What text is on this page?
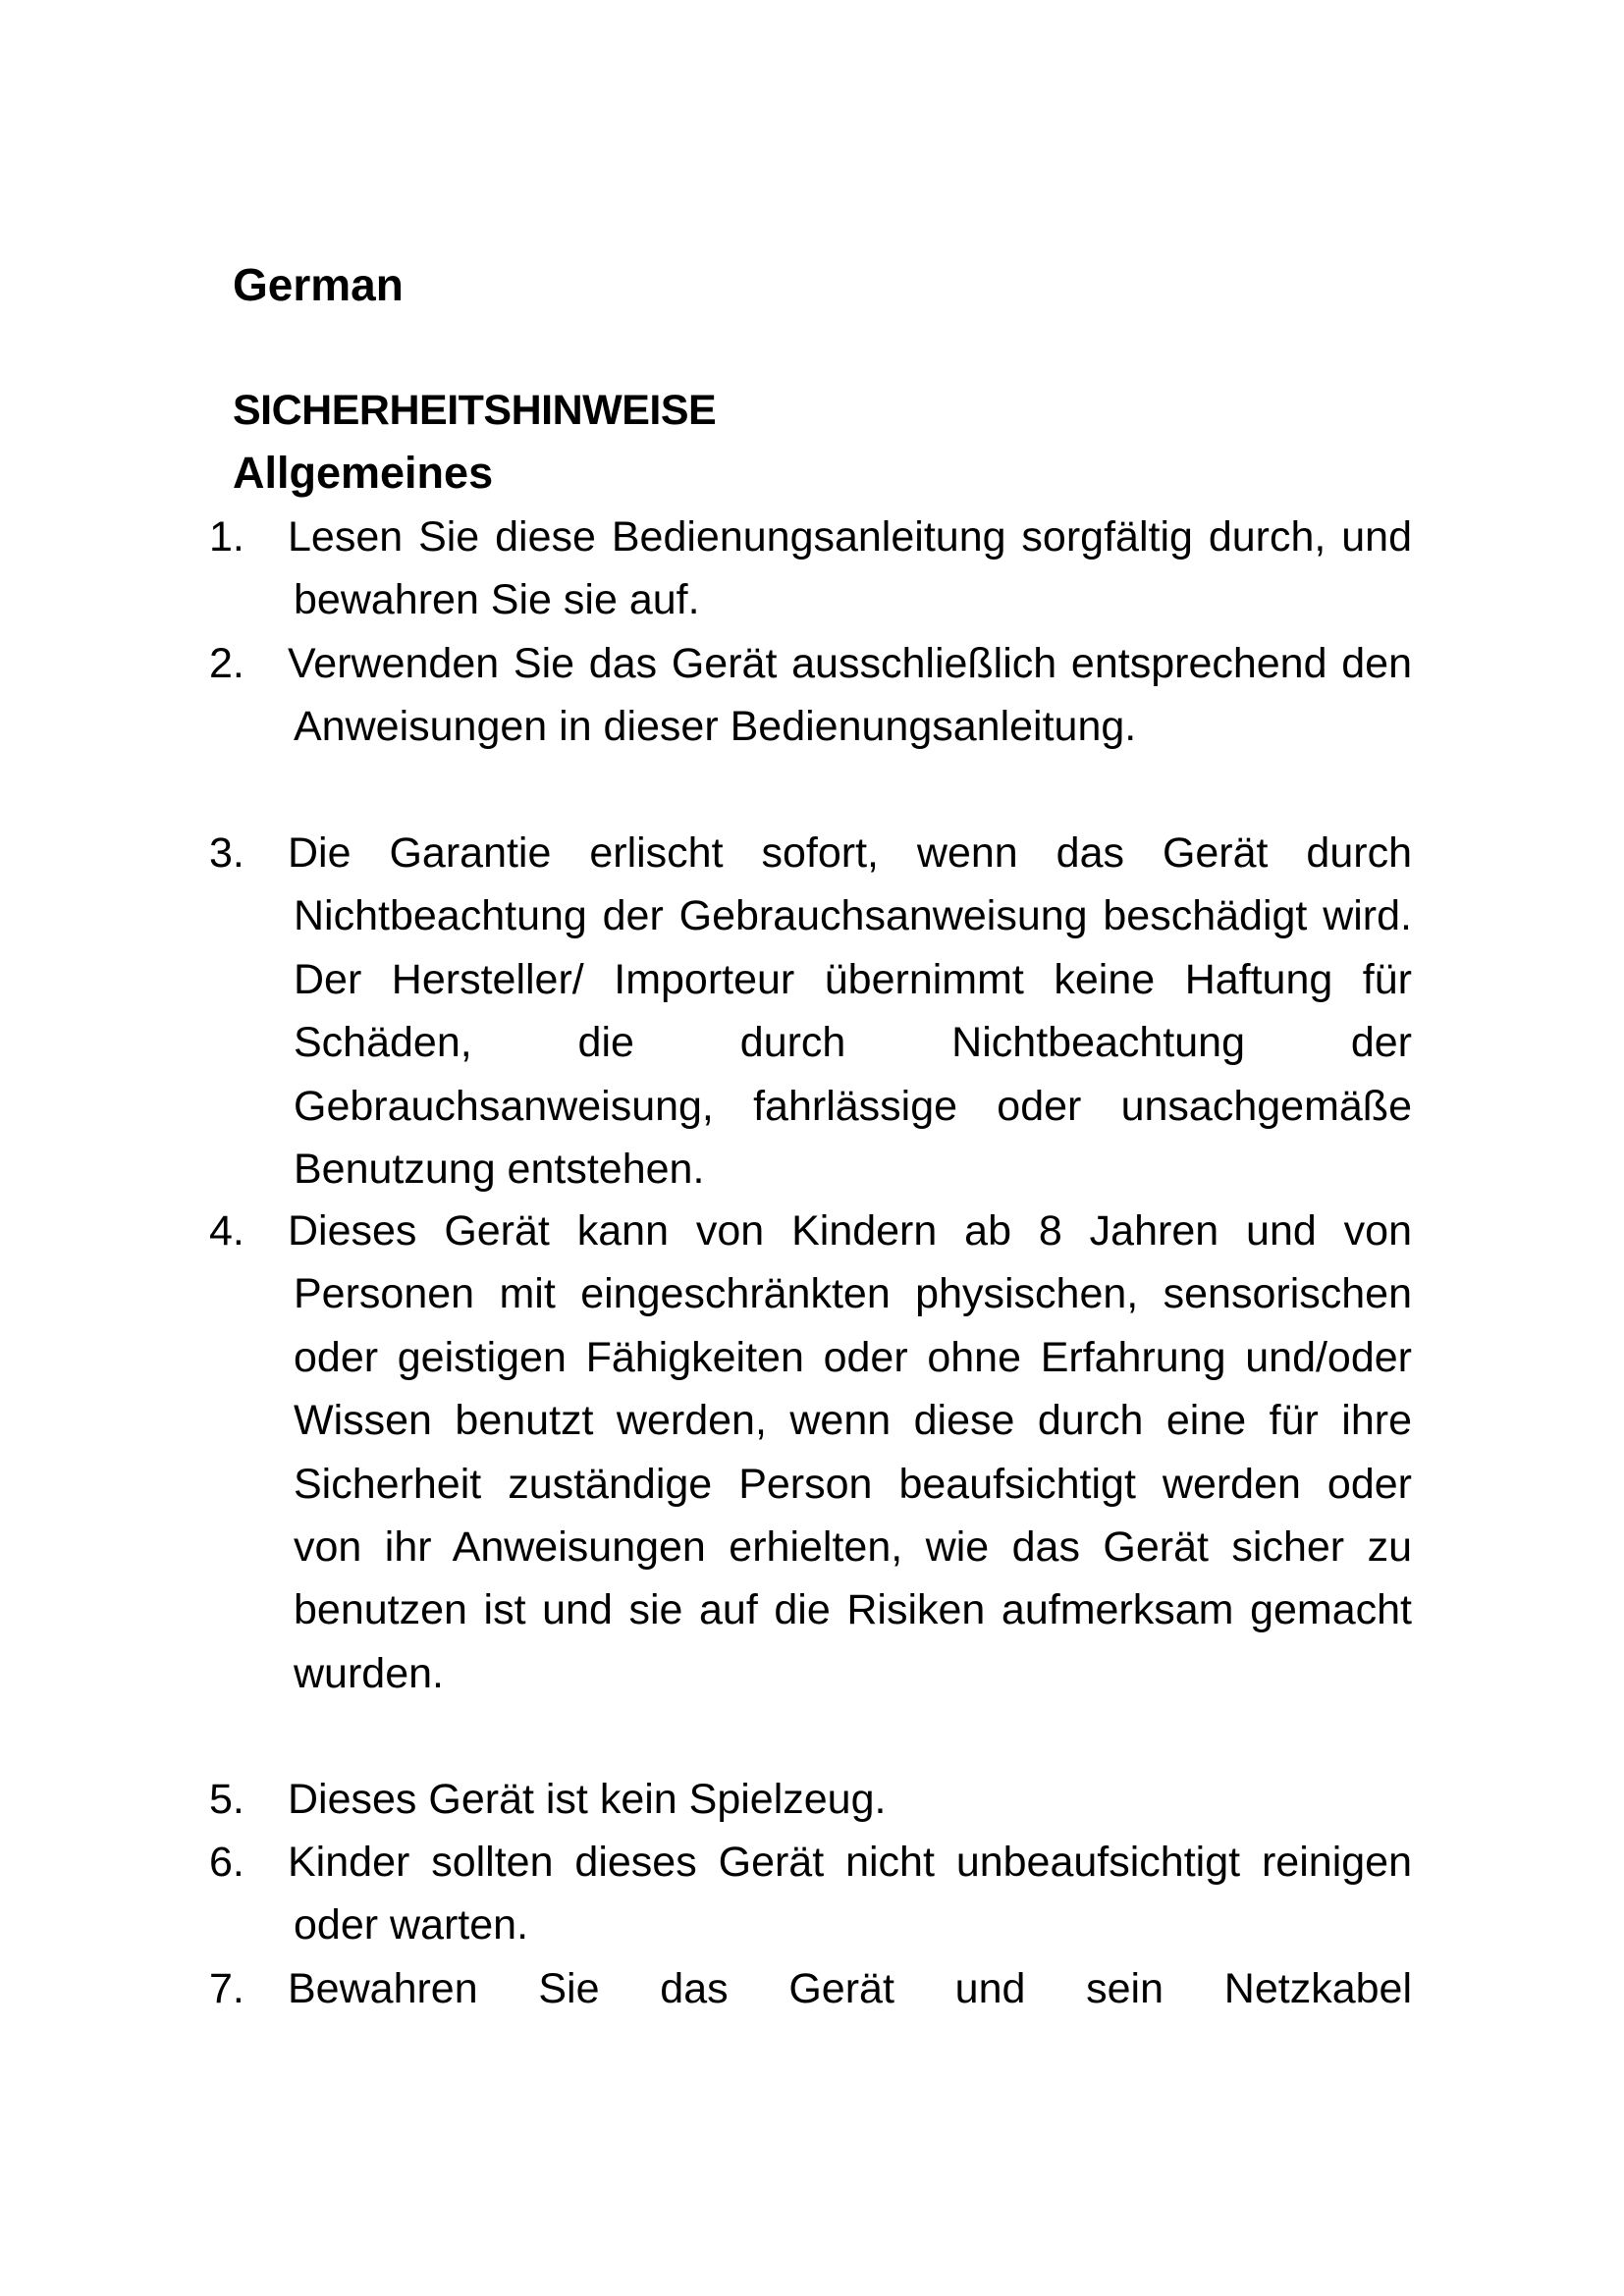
German

SICHERHEITSHINWEISE

Allgemeines

1.	Lesen Sie diese Bedienungsanleitung sorgfältig durch, und bewahren Sie sie auf.
2.	Verwenden Sie das Gerät ausschließlich entsprechend den Anweisungen in dieser Bedienungsanleitung.
3.	Die Garantie erlischt sofort, wenn das Gerät durch Nichtbeachtung der Gebrauchsanweisung beschädigt wird. Der Hersteller/ Importeur übernimmt keine Haftung für Schäden, die durch Nichtbeachtung der Gebrauchsanweisung, fahrlässige oder unsachgemäße Benutzung entstehen.
4.	Dieses Gerät kann von Kindern ab 8 Jahren und von Personen mit eingeschränkten physischen, sensorischen oder geistigen Fähigkeiten oder ohne Erfahrung und/oder Wissen benutzt werden, wenn diese durch eine für ihre Sicherheit zuständige Person beaufsichtigt werden oder von ihr Anweisungen erhielten, wie das Gerät sicher zu benutzen ist und sie auf die Risiken aufmerksam gemacht wurden.
5.	Dieses Gerät ist kein Spielzeug.
6.	Kinder sollten dieses Gerät nicht unbeaufsichtigt reinigen oder warten.
7.	Bewahren Sie das Gerät und sein Netzkabel
